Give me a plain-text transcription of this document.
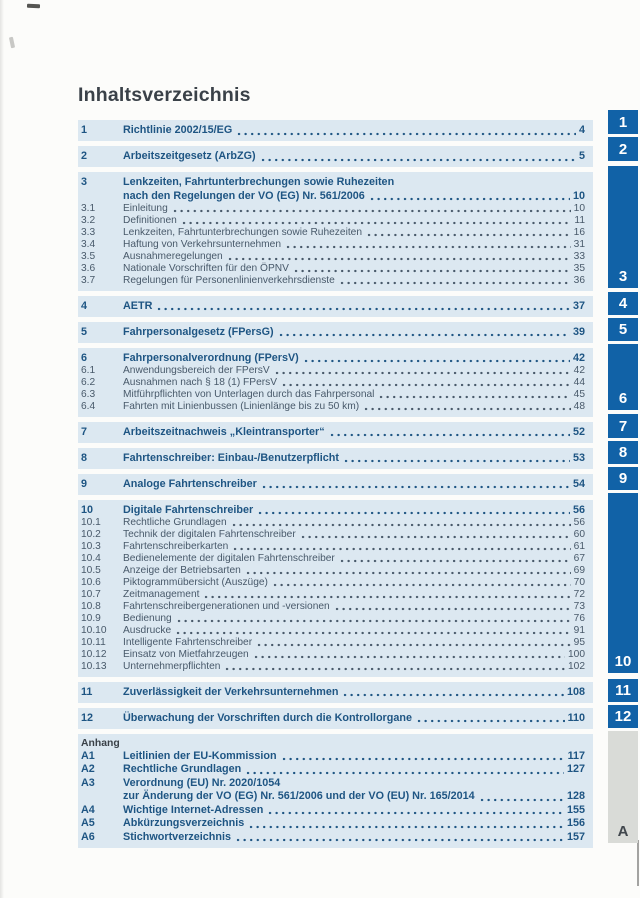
Inhaltsverzeichnis
1	Richtlinie 2002/15/EG	4
2	Arbeitszeitgesetz (ArbZG)	5
3	Lenkzeiten, Fahrtunterbrechungen sowie Ruhezeiten
nach den Regelungen der VO (EG) Nr. 561/2006	10
3.1	Einleitung	10
3.2	Definitionen	11
3.3	Lenkzeiten, Fahrtunterbrechungen sowie Ruhezeiten	16
3.4	Haftung von Verkehrsunternehmen	31
3.5	Ausnahmeregelungen	33
3.6	Nationale Vorschriften für den ÖPNV	35
3.7	Regelungen für Personenlinienverkehrsdienste	36
4	AETR	37
5	Fahrpersonalgesetz (FPersG)	39
6	Fahrpersonalverordnung (FPersV)	42
6.1	Anwendungsbereich der FPersV	42
6.2	Ausnahmen nach § 18 (1) FPersV	44
6.3	Mitführpflichten von Unterlagen durch das Fahrpersonal	45
6.4	Fahrten mit Linienbussen (Linienlänge bis zu 50 km)	48
7	Arbeitszeitnachweis „Kleintransporter“	52
8	Fahrtenschreiber: Einbau-/Benutzerpflicht	53
9	Analoge Fahrtenschreiber	54
10	Digitale Fahrtenschreiber	56
10.1	Rechtliche Grundlagen	56
10.2	Technik der digitalen Fahrtenschreiber	60
10.3	Fahrtenschreiberkarten	61
10.4	Bedienelemente der digitalen Fahrtenschreiber	67
10.5	Anzeige der Betriebsarten	69
10.6	Piktogrammübersicht (Auszüge)	70
10.7	Zeitmanagement	72
10.8	Fahrtenschreibergenerationen und -versionen	73
10.9	Bedienung	76
10.10	Ausdrucke	91
10.11	Intelligente Fahrtenschreiber	95
10.12	Einsatz von Mietfahrzeugen	100
10.13	Unternehmerpflichten	102
11	Zuverlässigkeit der Verkehrsunternehmen	108
12	Überwachung der Vorschriften durch die Kontrollorgane	110
Anhang
A1	Leitlinien der EU-Kommission	117
A2	Rechtliche Grundlagen	127
A3	Verordnung (EU) Nr. 2020/1054
zur Änderung der VO (EG) Nr. 561/2006 und der VO (EU) Nr. 165/2014	128
A4	Wichtige Internet-Adressen	155
A5	Abkürzungsverzeichnis	156
A6	Stichwortverzeichnis	157
1
2
3
4
5
6
7
8
9
10
11
12
A
